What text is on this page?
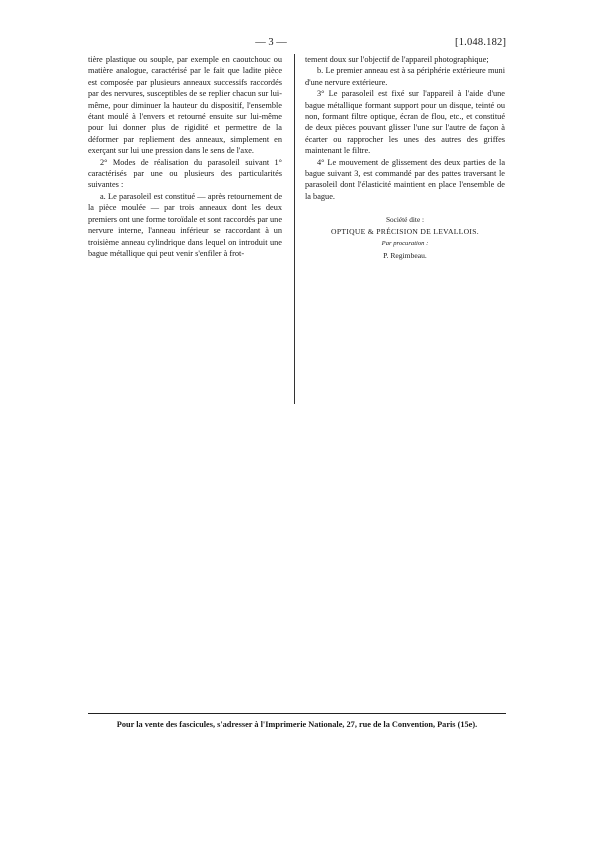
— 3 —	[1.048.182]

tière plastique ou souple, par exemple en caoutchouc ou matière analogue, caractérisé par le fait que ladite pièce est composée par plusieurs anneaux successifs raccordés par des nervures, susceptibles de se replier chacun sur lui-même, pour diminuer la hauteur du dispositif, l'ensemble étant moulé à l'envers et retourné ensuite sur lui-même pour lui donner plus de rigidité et permettre de la déformer par repliement des anneaux, simplement en exerçant sur lui une pression dans le sens de l'axe.

2° Modes de réalisation du parasoleil suivant 1° caractérisés par une ou plusieurs des particularités suivantes :

a. Le parasoleil est constitué — après retournement de la pièce moulée — par trois anneaux dont les deux premiers ont une forme toroïdale et sont raccordés par une nervure interne, l'anneau inférieur se raccordant à un troisième anneau cylindrique dans lequel on introduit une bague métallique qui peut venir s'enfiler à frot-

tement doux sur l'objectif de l'appareil photographique;

b. Le premier anneau est à sa périphérie extérieure muni d'une nervure extérieure.

3° Le parasoleil est fixé sur l'appareil à l'aide d'une bague métallique formant support pour un disque, teinté ou non, formant filtre optique, écran de flou, etc., et constitué de deux pièces pouvant glisser l'une sur l'autre de façon à écarter ou rapprocher les unes des autres des griffes maintenant le filtre.

4° Le mouvement de glissement des deux parties de la bague suivant 3, est commandé par des pattes traversant le parasoleil dont l'élasticité maintient en place l'ensemble de la bague.

Société dite :
OPTIQUE & PRÉCISION DE LEVALLOIS.
Par procuration :
P. Regimbeau.
Pour la vente des fascicules, s'adresser à l'Imprimerie Nationale, 27, rue de la Convention, Paris (15e).
